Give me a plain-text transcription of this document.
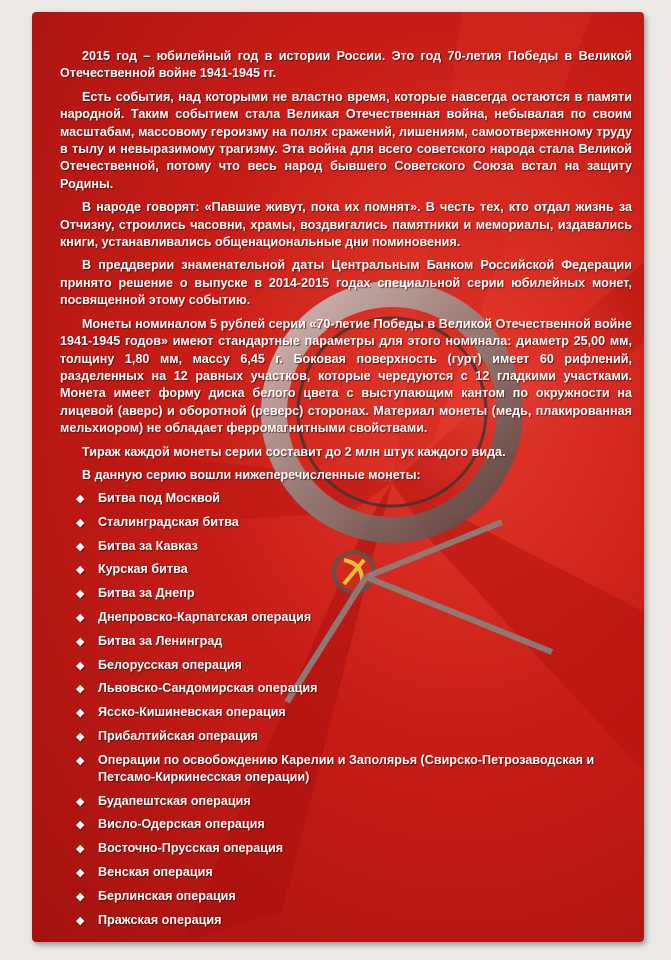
2015 год – юбилейный год в истории России. Это год 70-летия Победы в Великой Отечественной войне 1941-1945 гг.

Есть события, над которыми не властно время, которые навсегда остаются в памяти народной. Таким событием стала Великая Отечественная война, небывалая по своим масштабам, массовому героизму на полях сражений, лишениям, самоотверженному труду в тылу и невыразимому трагизму. Эта война для всего советского народа стала Великой Отечественной, потому что весь народ бывшего Советского Союза встал на защиту Родины.

В народе говорят: «Павшие живут, пока их помнят». В честь тех, кто отдал жизнь за Отчизну, строились часовни, храмы, воздвигались памятники и мемориалы, издавались книги, устанавливались общенациональные дни поминовения.

В преддверии знаменательной даты Центральным Банком Российской Федерации принято решение о выпуске в 2014-2015 годах специальной серии юбилейных монет, посвященной этому событию.

Монеты номиналом 5 рублей серии «70-летие Победы в Великой Отечественной войне 1941-1945 годов» имеют стандартные параметры для этого номинала: диаметр 25,00 мм, толщину 1,80 мм, массу 6,45 г. Боковая поверхность (гурт) имеет 60 рифлений, разделенных на 12 равных участков, которые чередуются с 12 гладкими участками. Монета имеет форму диска белого цвета с выступающим кантом по окружности на лицевой (аверс) и оборотной (реверс) сторонах. Материал монеты (медь, плакированная мельхиором) не обладает ферромагнитными свойствами.

Тираж каждой монеты серии составит до 2 млн штук каждого вида.

В данную серию вошли нижеперечисленные монеты:

◆ Битва под Москвой
◆ Сталинградская битва
◆ Битва за Кавказ
◆ Курская битва
◆ Битва за Днепр
◆ Днепровско-Карпатская операция
◆ Битва за Ленинград
◆ Белорусская операция
◆ Львовско-Сандомирская операция
◆ Ясско-Кишиневская операция
◆ Прибалтийская операция
◆ Операции по освобождению Карелии и Заполярья (Свирско-Петрозаводская и Петсамо-Киркинесская операции)
◆ Будапештская операция
◆ Висло-Одерская операция
◆ Восточно-Прусская операция
◆ Венская операция
◆ Берлинская операция
◆ Пражская операция
